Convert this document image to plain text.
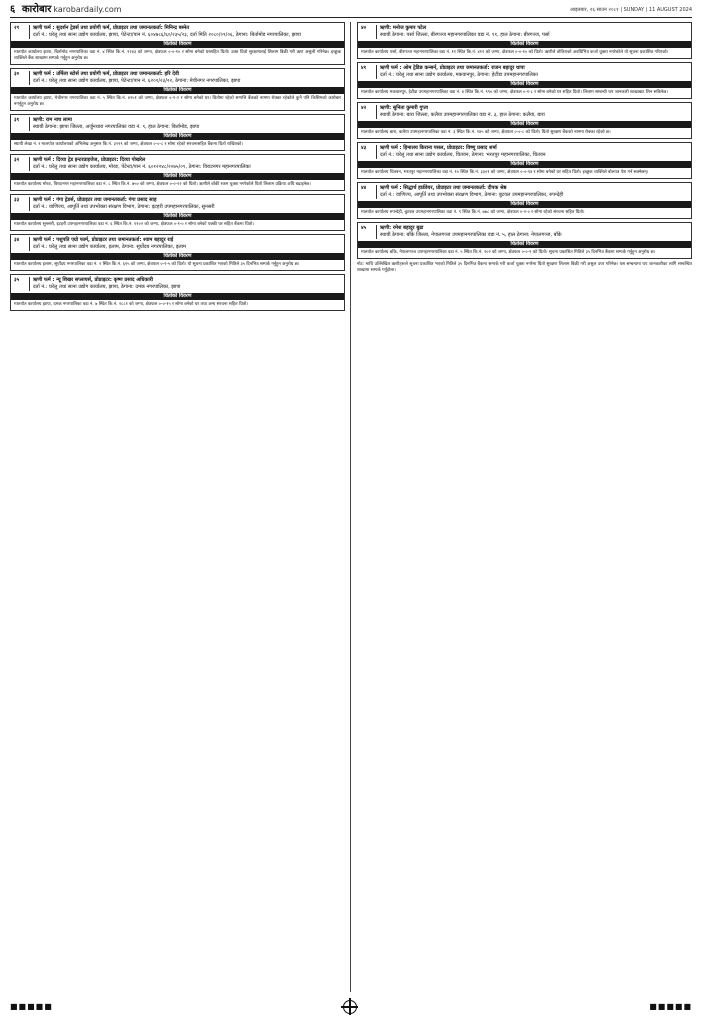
६ कारोबार karobardaily.com	आइतबार, २६ साउन २०८१ | SUNDAY | 11 AUGUST 2024
२९	ऋणी फर्म : सुदर्शन ट्रेडर्स तथा प्रयोगी फर्म, प्रोप्राइटर तथा जमानतकर्ता: मिनिन्द्र बस्नेत
दर्ता नं.: घरेलु तथा साना उद्योग कार्यालय, झापा, पेटेन्टा/पान नं. ६०४७८६/६०/२३५/२३, दर्ता मिति २०८०/०९/०६, ठेगाना: बिर्तामोड नगरपालिका, झापा
धितोको विवरण
मालपोत कार्यालय झापा, बिर्तामोड नगरपालिका वडा नं. ४ स्थित कि.नं. १२४३ को जग्गा, क्षेत्रफल ०-०-१० र सोमा बनेको घरसहित धितो। उक्त धितो सुरक्षणलाई लिलाम बिक्री गरी ऋण असुली गरिनेछ। इच्छुक व्यक्तिले बैंक शाखामा सम्पर्क गर्नुहुन अनुरोध छ।
३०	ऋणी फर्म : उर्मिला स्टोर्स तथा प्रयोगी फर्म, प्रोप्राइटर तथा जमानतकर्ता: हरि देवी
दर्ता नं.: घरेलु तथा साना उद्योग कार्यालय, झापा, पेटेन्टा/पान नं. ६२०१/२३/२२, ठेगाना: मेचीनगर नगरपालिका, झापा
धितोको विवरण
मालपोत कार्यालय झापा, मेचीनगर नगरपालिका वडा नं. ५ स्थित कि.नं. ४२५१ को जग्गा, क्षेत्रफल ०-१-२ र सोमा बनेको घर। धितोमा रहेको सम्पत्ति बैंकको नाममा रोक्का रहेकोले कुनै पनि किसिमको कारोबार नगर्नुहुन अनुरोध छ।
३१	ऋणी: राम नाथ लामा
स्थायी ठेगाना: झापा जिल्ला, अर्जुनधारा नगरपालिका वडा नं. ९, हाल ठेगाना: बिर्तामोड, झापा
धितोको विवरण
स्थायी लेखा नं. र मालपोत कार्यालयको अभिलेख अनुसार कि.नं. ३२२९ को जग्गा, क्षेत्रफल ०-०-८ र सोमा रहेको संरचनासहित बैंकमा धितो राखिएको।
३२	ऋणी फर्म : दिव्या ट्रेड इन्टरप्राइजेज, प्रोप्राइटर: दिव्या पोखरेल
दर्ता नं.: घरेलु तथा साना उद्योग कार्यालय, मोरङ, पेटेन्टा/पान नं. ६०१२२४८/२०७५/०९, ठेगाना: विराटनगर महानगरपालिका
धितोको विवरण
मालपोत कार्यालय मोरङ, विराटनगर महानगरपालिका वडा नं. ८ स्थित कि.नं. ७५० को जग्गा, क्षेत्रफल ०-०-१२ को धितो। ऋणीले बाँकी रकम चुक्ता नगरेकोले धितो लिलाम प्रक्रिया अघि बढाइनेछ।
३३	ऋणी फर्म : गंगा ट्रेडर्स, प्रोप्राइटर तथा जमानतकर्ता: गंगा प्रसाद साह
दर्ता नं.: वाणिज्य, आपूर्ति तथा उपभोक्ता संरक्षण विभाग, ठेगाना: इटहरी उपमहानगरपालिका, सुनसरी
धितोको विवरण
मालपोत कार्यालय सुनसरी, इटहरी उपमहानगरपालिका वडा नं. ६ स्थित कि.नं. ११०२ को जग्गा, क्षेत्रफल ०-१-० र सोमा बनेको पक्की घर सहित बैंकमा धितो।
३४	ऋणी फर्म : पशुपति एग्रो फार्म, प्रोप्राइटर तथा जमानतकर्ता: श्याम बहादुर राई
दर्ता नं.: घरेलु तथा साना उद्योग कार्यालय, इलाम, ठेगाना: सूर्योदय नगरपालिका, इलाम
धितोको विवरण
मालपोत कार्यालय इलाम, सूर्योदय नगरपालिका वडा नं. २ स्थित कि.नं. ६१५ को जग्गा, क्षेत्रफल ०-२-५ को धितो। यो सूचना प्रकाशित भएको मितिले ३५ दिनभित्र सम्पर्क गर्नुहुन अनुरोध छ।
३५	ऋणी फर्म : न्यू शिखर सप्लायर्स, प्रोप्राइटर: कृष्ण प्रसाद अधिकारी
दर्ता नं.: घरेलु तथा साना उद्योग कार्यालय, झापा, ठेगाना: दमक नगरपालिका, झापा
धितोको विवरण
मालपोत कार्यालय झापा, दमक नगरपालिका वडा नं. ७ स्थित कि.नं. २८८१ को जग्गा, क्षेत्रफल ०-०-१५ र सोमा बनेको घर तथा अन्य संरचना सहित धितो।
४०	ऋणी: मनोज कुमार पटेल
स्थायी ठेगाना: पर्सा जिल्ला, बीरगञ्ज महानगरपालिका वडा नं. ११, हाल ठेगाना: बीरगञ्ज, पर्सा
धितोको विवरण
मालपोत कार्यालय पर्सा, बीरगञ्ज महानगरपालिका वडा नं. ११ स्थित कि.नं. ४१२ को जग्गा, क्षेत्रफल ०-०-१० को धितो। ऋणीले तोकिएको अवधिभित्र कर्जा चुक्ता नगरेकोले यो सूचना प्रकाशित गरिएको।
४१	ऋणी फर्म : ओम ट्रेडिङ कन्सर्न, प्रोप्राइटर तथा जमानतकर्ता: राजन बहादुर थापा
दर्ता नं.: घरेलु तथा साना उद्योग कार्यालय, मकवानपुर, ठेगाना: हेटौंडा उपमहानगरपालिका
धितोको विवरण
मालपोत कार्यालय मकवानपुर, हेटौंडा उपमहानगरपालिका वडा नं. ४ स्थित कि.नं. ९९० को जग्गा, क्षेत्रफल ०-१-८ र सोमा बनेको घर सहित धितो। लिलाम सम्बन्धी थप जानकारी शाखाबाट लिन सकिनेछ।
४२	ऋणी: सुनिता कुमारी गुप्ता
स्थायी ठेगाना: बारा जिल्ला, कलैया उपमहानगरपालिका वडा नं. ३, हाल ठेगाना: कलैया, बारा
धितोको विवरण
मालपोत कार्यालय बारा, कलैया उपमहानगरपालिका वडा नं. ३ स्थित कि.नं. १४५ को जग्गा, क्षेत्रफल ०-०-८ को धितो। धितो सुरक्षण बैंकको नाममा रोक्का रहेको छ।
४३	ऋणी फर्म : हिमालय किराना पसल, प्रोप्राइटर: विष्णु प्रसाद शर्मा
दर्ता नं.: घरेलु तथा साना उद्योग कार्यालय, चितवन, ठेगाना: भरतपुर महानगरपालिका, चितवन
धितोको विवरण
मालपोत कार्यालय चितवन, भरतपुर महानगरपालिका वडा नं. १० स्थित कि.नं. ३३०१ को जग्गा, क्षेत्रफल ०-०-१४ र सोमा बनेको घर सहित धितो। इच्छुक व्यक्तिले बोलपत्र पेश गर्न सक्नेछन्।
४४	ऋणी फर्म : सिद्धार्थ हार्डवेयर, प्रोप्राइटर तथा जमानतकर्ता: दीपक श्रेष्ठ
दर्ता नं.: वाणिज्य, आपूर्ति तथा उपभोक्ता संरक्षण विभाग, ठेगाना: बुटवल उपमहानगरपालिका, रुपन्देही
धितोको विवरण
मालपोत कार्यालय रुपन्देही, बुटवल उपमहानगरपालिका वडा नं. ९ स्थित कि.नं. ७७८ को जग्गा, क्षेत्रफल ०-१-० र सोमा रहेको संरचना सहित धितो।
४५	ऋणी: रमेश बहादुर बुढा
स्थायी ठेगाना: बाँके जिल्ला, नेपालगञ्ज उपमहानगरपालिका वडा नं. ५, हाल ठेगाना: नेपालगञ्ज, बाँके
धितोको विवरण
मालपोत कार्यालय बाँके, नेपालगञ्ज उपमहानगरपालिका वडा नं. ५ स्थित कि.नं. २०२ को जग्गा, क्षेत्रफल ०-०-९ को धितो। सूचना प्रकाशित मितिले ३५ दिनभित्र बैंकमा सम्पर्क गर्नुहुन अनुरोध छ।
नोट: माथि उल्लिखित ऋणीहरूले सूचना प्रकाशित भएको मितिले ३५ दिनभित्र बैंकमा सम्पर्क गरी कर्जा चुक्ता नगरेमा धितो सुरक्षण लिलाम बिक्री गरी असुल उपर गरिनेछ। यस सम्बन्धमा थप जानकारीका लागि सम्बन्धित शाखामा सम्पर्क गर्नुहोला।
■■■■■	■■■■■
